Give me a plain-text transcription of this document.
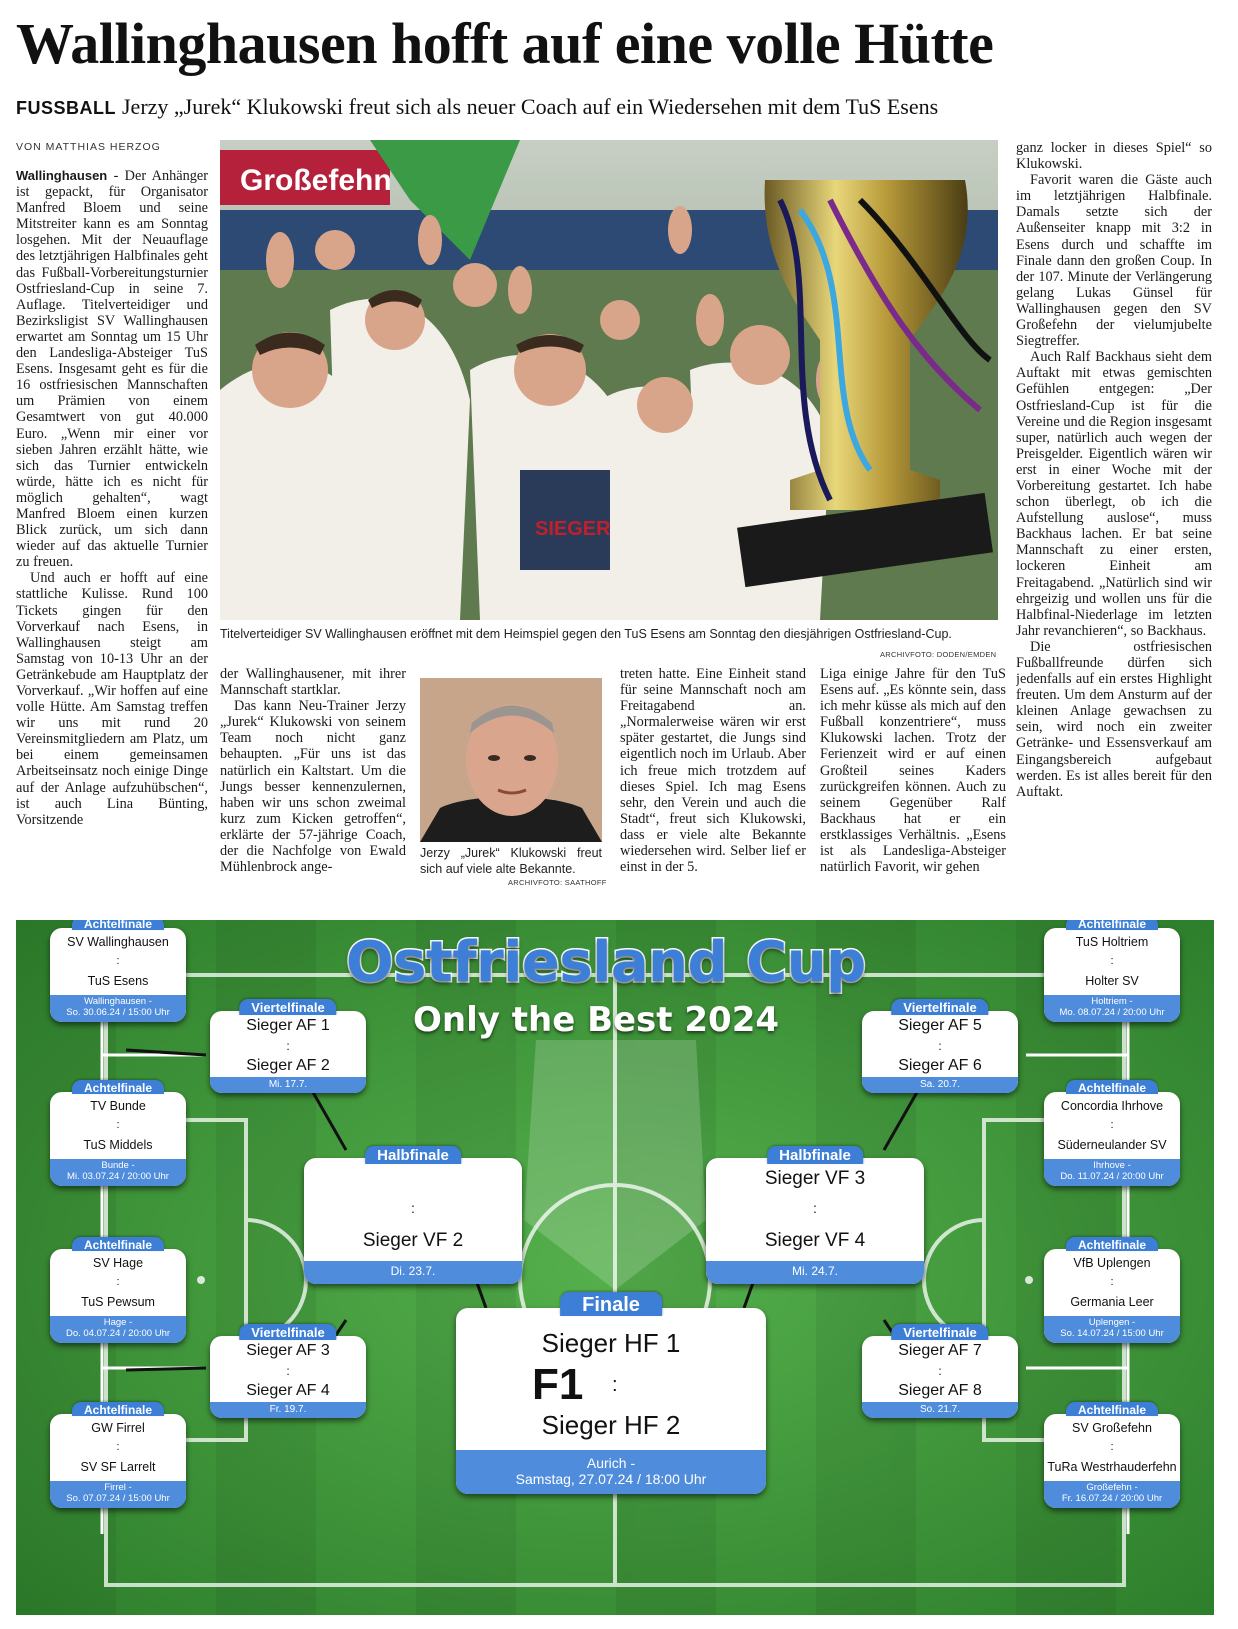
Wallinghausen hofft auf eine volle Hütte
FUSSBALL Jerzy „Jurek“ Klukowski freut sich als neuer Coach auf ein Wiedersehen mit dem TuS Esens
VON MATTHIAS HERZOG

Wallinghausen - Der Anhänger ist gepackt, für Organisator Manfred Bloem und seine Mitstreiter kann es am Sonntag losgehen. Mit der Neuauflage des letztjährigen Halbfinales geht das Fußball-Vorbereitungsturnier Ostfriesland-Cup in seine 7. Auflage. Titelverteidiger und Bezirksligist SV Wallinghausen erwartet am Sonntag um 15 Uhr den Landesliga-Absteiger TuS Esens. Insgesamt geht es für die 16 ostfriesischen Mannschaften um Prämien von einem Gesamtwert von gut 40.000 Euro. „Wenn mir einer vor sieben Jahren erzählt hätte, wie sich das Turnier entwickeln würde, hätte ich es nicht für möglich gehalten“, wagt Manfred Bloem einen kurzen Blick zurück, um sich dann wieder auf das aktuelle Turnier zu freuen.

Und auch er hofft auf eine stattliche Kulisse. Rund 100 Tickets gingen für den Vorverkauf nach Esens, in Wallinghausen steigt am Samstag von 10-13 Uhr an der Getränkebude am Hauptplatz der Vorverkauf. „Wir hoffen auf eine volle Hütte. Am Samstag treffen wir uns mit rund 20 Vereinsmitgliedern am Platz, um bei einem gemeinsamen Arbeitseinsatz noch einige Dinge auf der Anlage aufzuhübschen“, ist auch Lina Bünting, Vorsitzende

Großefehn
SIEGER
Titelverteidiger SV Wallinghausen eröffnet mit dem Heimspiel gegen den TuS Esens am Sonntag den diesjährigen Ostfriesland-Cup.
ARCHIVFOTO: DODEN/EMDEN

der Wallinghausener, mit ihrer Mannschaft startklar.

Das kann Neu-Trainer Jerzy „Jurek“ Klukowski von seinem Team noch nicht ganz behaupten. „Für uns ist das natürlich ein Kaltstart. Um die Jungs besser kennenzulernen, haben wir uns schon zweimal kurz zum Kicken getroffen“, erklärte der 57-jährige Coach, der die Nachfolge von Ewald Mühlenbrock ange-

Jerzy „Jurek“ Klukowski freut sich auf viele alte Bekannte.
ARCHIVFOTO: SAATHOFF

treten hatte. Eine Einheit stand für seine Mannschaft noch am Freitagabend an. „Normalerweise wären wir erst später gestartet, die Jungs sind eigentlich noch im Urlaub. Aber ich freue mich trotzdem auf dieses Spiel. Ich mag Esens sehr, den Verein und auch die Stadt“, freut sich Klukowski, dass er viele alte Bekannte wiedersehen wird. Selber lief er einst in der 5.

Liga einige Jahre für den TuS Esens auf. „Es könnte sein, dass ich mehr küsse als mich auf den Fußball konzentriere“, muss Klukowski lachen. Trotz der Ferienzeit wird er auf einen Großteil seines Kaders zurückgreifen können. Auch zu seinem Gegenüber Ralf Backhaus hat er ein erstklassiges Verhältnis. „Esens ist als Landesliga-Absteiger natürlich Favorit, wir gehen

ganz locker in dieses Spiel“ so Klukowski.

Favorit waren die Gäste auch im letztjährigen Halbfinale. Damals setzte sich der Außenseiter knapp mit 3:2 in Esens durch und schaffte im Finale dann den großen Coup. In der 107. Minute der Verlängerung gelang Lukas Günsel für Wallinghausen gegen den SV Großefehn der vielumjubelte Siegtreffer.

Auch Ralf Backhaus sieht dem Auftakt mit etwas gemischten Gefühlen entgegen: „Der Ostfriesland-Cup ist für die Vereine und die Region insgesamt super, natürlich auch wegen der Preisgelder. Eigentlich wären wir erst in einer Woche mit der Vorbereitung gestartet. Ich habe schon überlegt, ob ich die Aufstellung auslose“, muss Backhaus lachen. Er bat seine Mannschaft zu einer ersten, lockeren Einheit am Freitagabend. „Natürlich sind wir ehrgeizig und wollen uns für die Halbfinal-Niederlage im letzten Jahr revanchieren“, so Backhaus.

Die ostfriesischen Fußballfreunde dürfen sich jedenfalls auf ein erstes Highlight freuten. Um dem Ansturm auf der kleinen Anlage gewachsen zu sein, wird noch ein zweiter Getränke- und Essensverkauf am Eingangsbereich aufgebaut werden. Es ist alles bereit für den Auftakt.

Ostfriesland Cup
Only the Best 2024
Achtelfinale
SV Wallinghausen
:
TuS Esens
Wallinghausen -
So. 30.06.24 / 15:00 Uhr
Achtelfinale
TV Bunde
:
TuS Middels
Bunde -
Mi. 03.07.24 / 20:00 Uhr
Achtelfinale
SV Hage
:
TuS Pewsum
Hage -
Do. 04.07.24 / 20:00 Uhr
Achtelfinale
GW Firrel
:
SV SF Larrelt
Firrel -
So. 07.07.24 / 15:00 Uhr
Achtelfinale
TuS Holtriem
:
Holter SV
Holtriem -
Mo. 08.07.24 / 20:00 Uhr
Achtelfinale
Concordia Ihrhove
:
Süderneulander SV
Ihrhove -
Do. 11.07.24 / 20:00 Uhr
Achtelfinale
VfB Uplengen
:
Germania Leer
Uplengen -
So. 14.07.24 / 15:00 Uhr
Achtelfinale
SV Großefehn
:
TuRa Westrhauderfehn
Großefehn -
Fr. 16.07.24 / 20:00 Uhr
Viertelfinale
Sieger AF 1
:
Sieger AF 2
Mi. 17.7.
Viertelfinale
Sieger AF 3
:
Sieger AF 4
Fr. 19.7.
Viertelfinale
Sieger AF 5
:
Sieger AF 6
Sa. 20.7.
Viertelfinale
Sieger AF 7
:
Sieger AF 8
So. 21.7.
Halbfinale
:
Sieger VF 2
Di. 23.7.
Halbfinale
Sieger VF 3
:
Sieger VF 4
Mi. 24.7.
Finale
Sieger HF 1
F1 :
Sieger HF 2
Aurich -
Samstag, 27.07.24 / 18:00 Uhr
